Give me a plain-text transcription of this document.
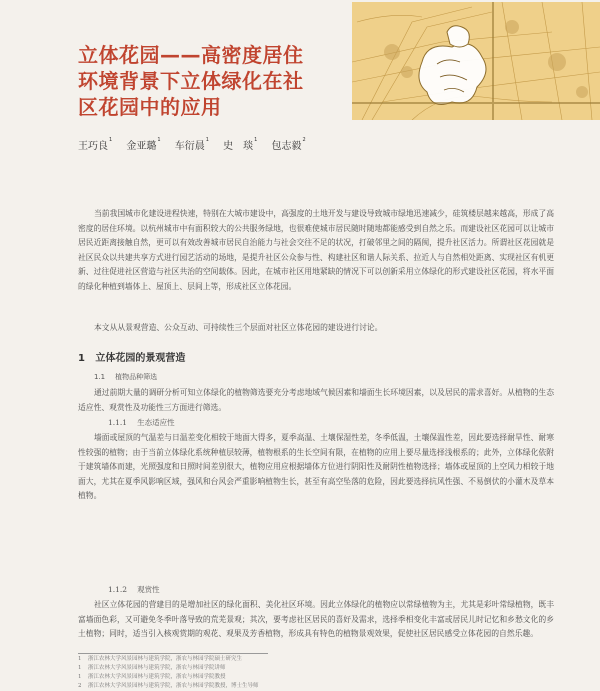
立体花园——高密度居住
环境背景下立体绿化在社
区花园中的应用
王巧良$^1$ 金亚璐$^1$ 车衍晨$^1$ 史　琰$^1$ 包志毅$^2$

当前我国城市化建设进程快速，特别在大城市建设中，高强度的土地开发与建设导致城市绿地迅速减少，硅筑楼层越来越高，形成了高密度的居住环境。以杭州城市中有面积较大的公共服务绿地，也很难使城市居民随时随地都能感受到自然之乐。而建设社区花园可以让城市居民近距离接触自然，更可以有效改善城市居民自治能力与社会交往不足的状况，打破邻里之间的隔阂，提升社区活力。所谓社区花园就是社区民众以共建共享方式进行园艺活动的场地，是提升社区公众参与性、构建社区和谐人际关系、拉近人与自然相处距离、实现社区有机更新、过往促进社区营造与社区共治的空间载体。因此，在城市社区用地紧缺的情况下可以创新采用立体绿化的形式建设社区花园，将水平面的绿化种植到墙体上、屋顶上、层间上等，形成社区立体花园。

本文从从景观营造、公众互动、可持续性三个层面对社区立体花园的建设进行讨论。

1 立体花园的景观营造
1.1 植物品种筛选

通过前期大量的调研分析可知立体绿化的植物筛选要充分考虑地域气候因素和墙面生长环境因素，以及居民的需求喜好。从植物的生态适应性、观赏性及功能性三方面进行筛选。

1.1.1 生态适应性

墙面或屋顶的气温差与日温差变化相较于地面大得多，夏季高温、土壤保湿性差，冬季低温，土壤保温性差，因此要选择耐旱性、耐寒性较强的植物；由于当前立体绿化系统种植层较薄，植物根系的生长空间有限，在植物的应用上要尽量选择浅根系的；此外，立体绿化依附于建筑墙体而建，光照强度和日照时间差别很大，植物应用应根据墙体方位进行阴阳性及耐阴性植物选择；墙体或屋顶的上空风力相较于地面大，尤其在夏季风影响区域，强风和台风会严重影响植物生长，甚至有高空坠落的危险，因此要选择抗风性强、不易倒伏的小灌木及草本植物。

1.1.2 观赏性

社区立体花园的营建目的是增加社区的绿化面积、美化社区环境。因此立体绿化的植物应以常绿植物为主，尤其是彩叶常绿植物，既丰富墙面色彩，又可避免冬季叶落导致的荒芜景观；其次，要考虑社区居民的喜好及需求，选择季相变化丰富或居民儿时记忆和乡愁文化的乡土植物；同时，适当引入核观赏期的观花、观果及芳香植物，形成具有特色的植物景观效果，促使社区居民感受立体花园的自然乐趣。

1 浙江农林大学风景园林与建筑学院，浙农与林园学院硕士研究生
1 浙江农林大学风景园林与建筑学院，浙农与林园学院讲师
1 浙江农林大学风景园林与建筑学院，浙农与林园学院教授
2 浙江农林大学风景园林与建筑学院，浙农与林园学院教授，博士生导师
